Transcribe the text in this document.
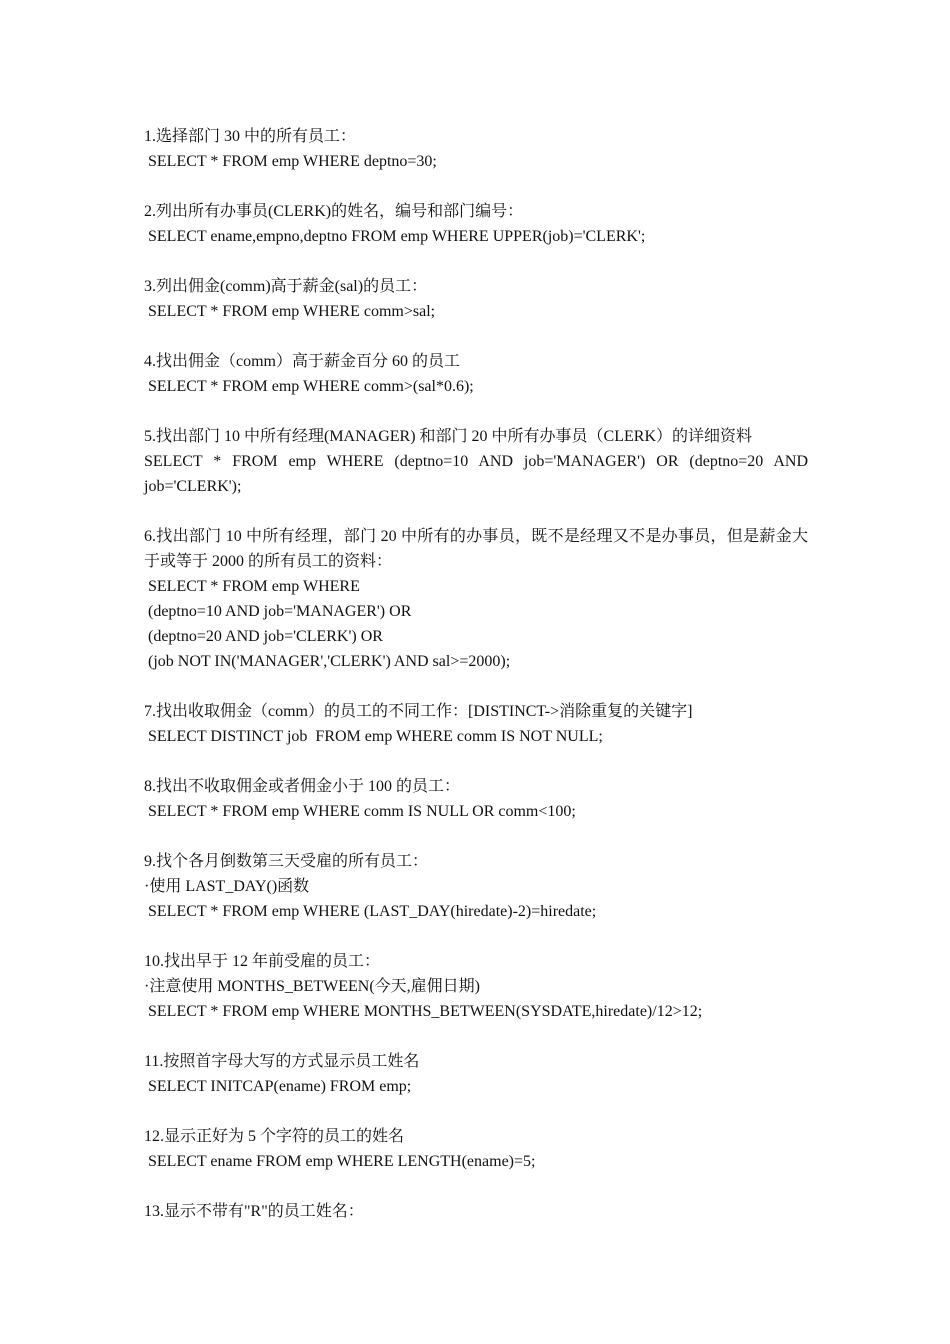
1.选择部门 30 中的所有员工：
SELECT * FROM emp WHERE deptno=30;
2.列出所有办事员(CLERK)的姓名，编号和部门编号：
SELECT ename,empno,deptno FROM emp WHERE UPPER(job)='CLERK';
3.列出佣金(comm)高于薪金(sal)的员工：
SELECT * FROM emp WHERE comm>sal;
4.找出佣金（comm）高于薪金百分 60 的员工
SELECT * FROM emp WHERE comm>(sal*0.6);
5.找出部门 10 中所有经理(MANAGER) 和部门 20 中所有办事员（CLERK）的详细资料
SELECT * FROM emp WHERE (deptno=10 AND job='MANAGER') OR (deptno=20 AND job='CLERK');
6.找出部门 10 中所有经理，部门 20 中所有的办事员，既不是经理又不是办事员，但是薪金大于或等于 2000 的所有员工的资料：
SELECT * FROM emp WHERE
(deptno=10 AND job='MANAGER') OR
(deptno=20 AND job='CLERK') OR
(job NOT IN('MANAGER','CLERK') AND sal>=2000);
7.找出收取佣金（comm）的员工的不同工作：[DISTINCT->消除重复的关键字]
SELECT DISTINCT job  FROM emp WHERE comm IS NOT NULL;
8.找出不收取佣金或者佣金小于 100 的员工：
SELECT * FROM emp WHERE comm IS NULL OR comm<100;
9.找个各月倒数第三天受雇的所有员工：
·使用 LAST_DAY()函数
SELECT * FROM emp WHERE (LAST_DAY(hiredate)-2)=hiredate;
10.找出早于 12 年前受雇的员工：
·注意使用 MONTHS_BETWEEN(今天,雇佣日期)
SELECT * FROM emp WHERE MONTHS_BETWEEN(SYSDATE,hiredate)/12>12;
11.按照首字母大写的方式显示员工姓名
SELECT INITCAP(ename) FROM emp;
12.显示正好为 5 个字符的员工的姓名
SELECT ename FROM emp WHERE LENGTH(ename)=5;
13.显示不带有"R"的员工姓名：
